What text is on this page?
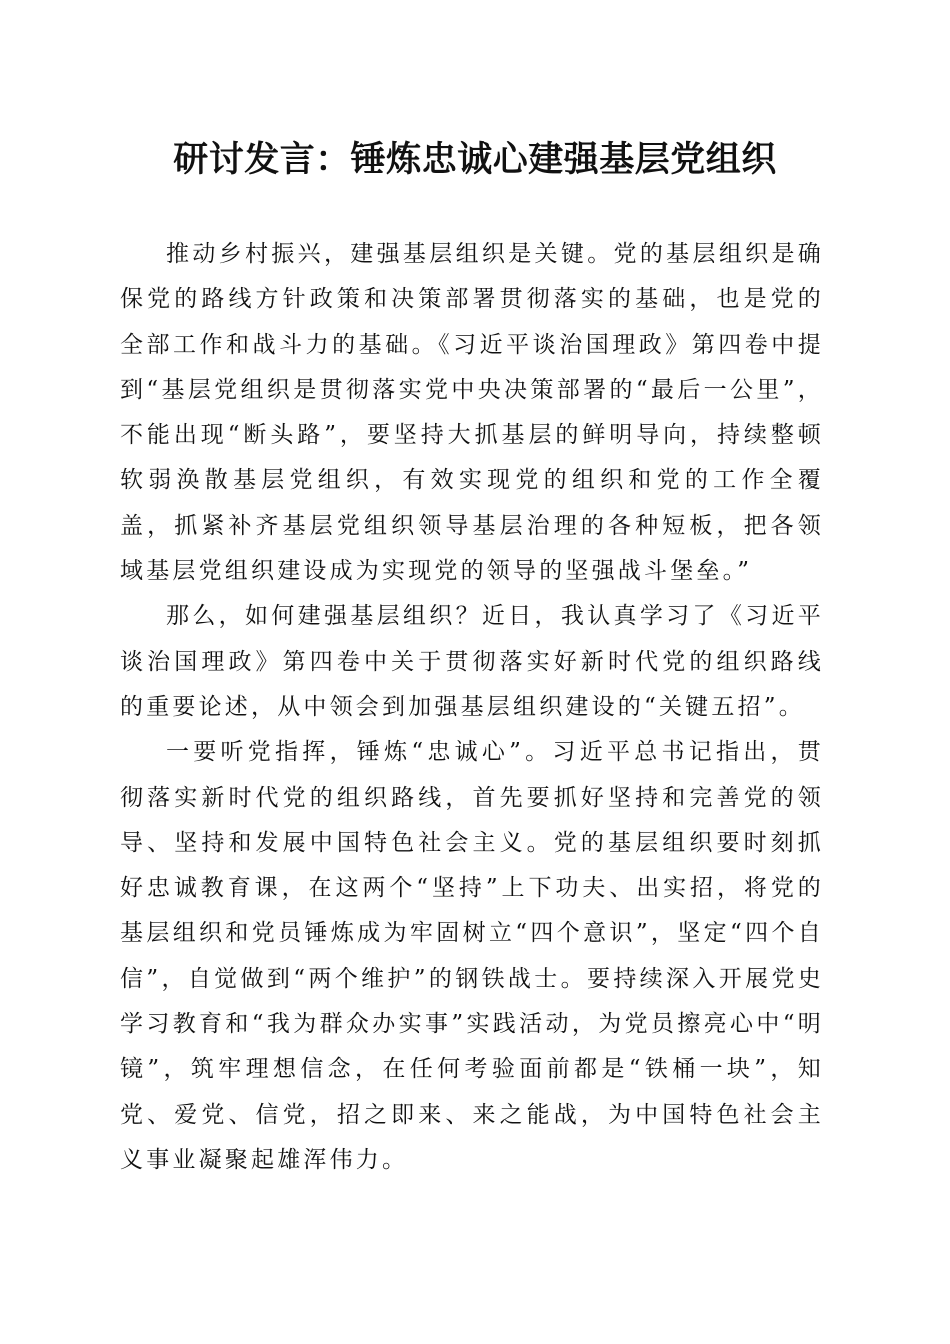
研讨发言：锤炼忠诚心建强基层党组织

推动乡村振兴，建强基层组织是关键。党的基层组织是确保党的路线方针政策和决策部署贯彻落实的基础，也是党的全部工作和战斗力的基础。《习近平谈治国理政》第四卷中提到“基层党组织是贯彻落实党中央决策部署的“最后一公里”，不能出现“断头路”，要坚持大抓基层的鲜明导向，持续整顿软弱涣散基层党组织，有效实现党的组织和党的工作全覆盖，抓紧补齐基层党组织领导基层治理的各种短板，把各领域基层党组织建设成为实现党的领导的坚强战斗堡垒。”

那么，如何建强基层组织？近日，我认真学习了《习近平谈治国理政》第四卷中关于贯彻落实好新时代党的组织路线的重要论述，从中领会到加强基层组织建设的“关键五招”。

一要听党指挥，锤炼“忠诚心”。习近平总书记指出，贯彻落实新时代党的组织路线，首先要抓好坚持和完善党的领导、坚持和发展中国特色社会主义。党的基层组织要时刻抓好忠诚教育课，在这两个“坚持”上下功夫、出实招，将党的基层组织和党员锤炼成为牢固树立“四个意识”，坚定“四个自信”，自觉做到“两个维护”的钢铁战士。要持续深入开展党史学习教育和“我为群众办实事”实践活动，为党员擦亮心中“明镜”，筑牢理想信念，在任何考验面前都是“铁桶一块”，知党、爱党、信党，招之即来、来之能战，为中国特色社会主义事业凝聚起雄浑伟力。
